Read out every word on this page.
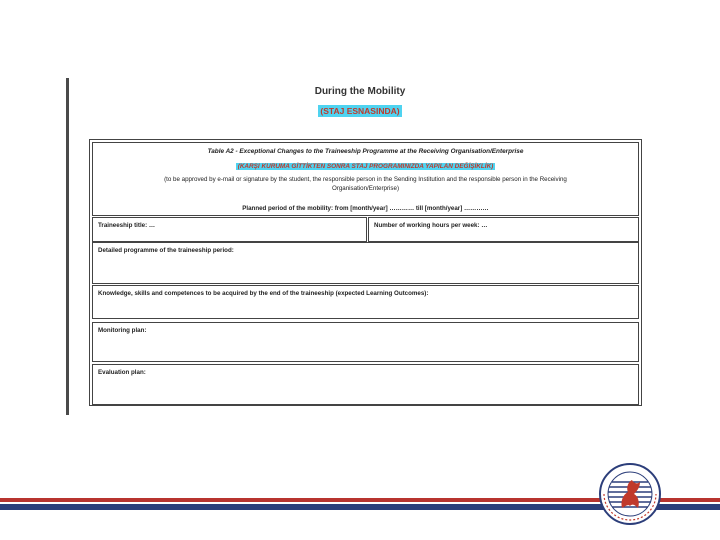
During the Mobility
(STAJ ESNASINDA)
Table A2 - Exceptional Changes to the Traineeship Programme at the Receiving Organisation/Enterprise
(KARŞI KURUMA GİTTİKTEN SONRA STAJ PROGRAMINIZDA YAPILAN DEĞİŞİKLİK)
(to be approved by e-mail or signature by the student, the responsible person in the Sending Institution and the responsible person in the Receiving Organisation/Enterprise)
Planned period of the mobility: from [month/year] ………… till [month/year] …………
Traineeship title: …	Number of working hours per week: …
Detailed programme of the traineeship period:
Knowledge, skills and competences to be acquired by the end of the traineeship (expected Learning Outcomes):
Monitoring plan:
Evaluation plan:
